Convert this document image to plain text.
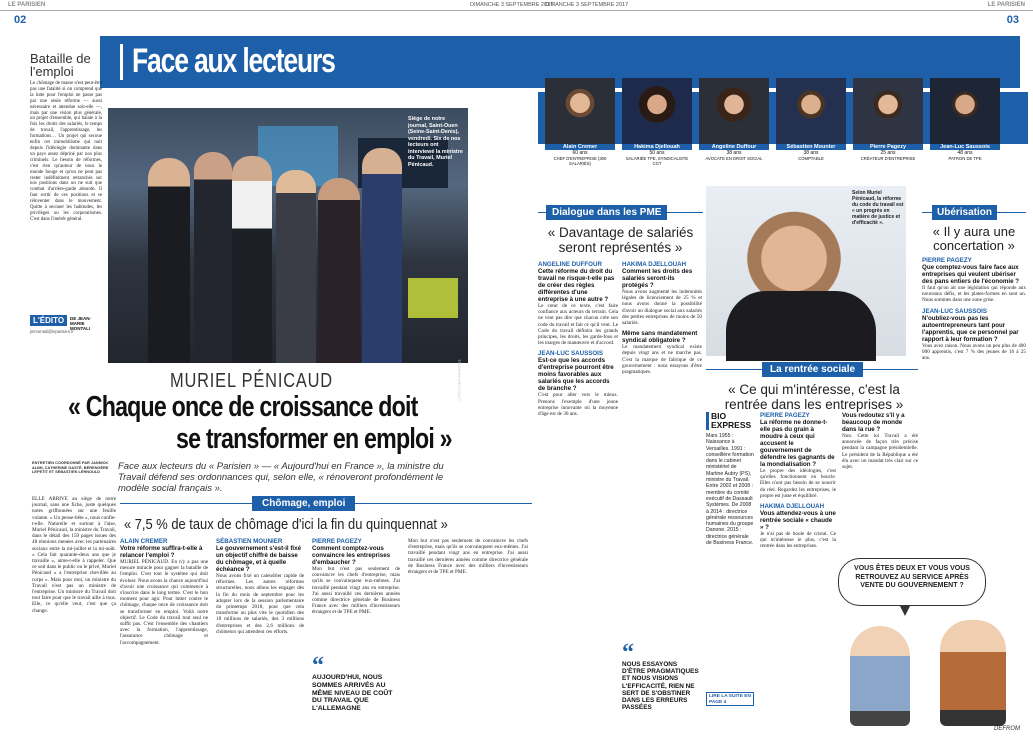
LE PARISIEN	DIMANCHE 3 SEPTEMBRE 2017
DIMANCHE 3 SEPTEMBRE 2017	LE PARISIEN
02	03
Face aux lecteurs
Bataille de l'emploi
Le chômage de masse n'est peut-être pas une fatalité si on comprend que la lutte pour l'emploi ne passe pas par une seule réforme — aussi nécessaire et attendue soit-elle —, mais par une vision plus générale, un projet d'ensemble, qui balaie à la fois les droits des salariés, le temps de travail, l'apprentissage, les formations… Un projet qui secoue enfin cet immobilisme qui nuit depuis l'idéologie dominante dans un pays assez dépriné par nos plus criminels. Le besoin de réformes, c'est rien qu'autour de nous le monde bouge et qu'on ne peut pas rester indéfiniment retranchés sur nos positions dans un ne suit que combat d'arrière-garde absurde. Il faut sortir de ces positions et se réinventer dans le mouvement. Quitte à secouer les habitudes, les privilèges ou les corporatismes. C'est dans l'intérêt général.
L'ÉDITO	DE JEAN-MARIE MONTALI
jmmontali@leparisien.fr
LP/OLIVIER ARANDEL
Siège de notre journal, Saint-Ouen (Seine-Saint-Denis), vendredi. Six de nos lecteurs ont interviewé la ministre du Travail, Muriel Pénicaud.
MURIEL PÉNICAUD
« Chaque once de croissance doit
se transformer en emploi »
ENTRETIEN COORDONNÉ PAR JANNICK ALIMI, CATHERINE GASTÉ, BÉRENGÈRE LEPETIT ET SÉBASTIEN LERNOULD	Face aux lecteurs du « Parisien » — « Aujourd'hui en France », la ministre du Travail défend ses ordonnances qui, selon elle, « rénoveront profondément le modèle social français ».
ELLE ARRIVE au siège de notre journal, sans une fiche, juste quelques notes griffonnées sur une feuille volante. « Un pense-bête », nous confie-t-elle. Naturelle et surtout à l'aise, Muriel Pénicaud, la ministre du Travail, dans le détail des 159 pages issues des 48 réunions menées avec les partenaires sociaux entre la mi-juillet et la mi-août. « Cela fait quarante-deux ans que je travaille », aime-t-elle à rappeler. Que ce soit dans le public ou le privé, Muriel Pénicaud « a l'entreprise chevillée au corps ». Mais pour moi, un ministre du Travail n'est pas un ministre de l'entreprise. Un ministre du Travail doit tout faire pour que le travail aille à tous. Elle, ce qu'elle veut, c'est que ça change.
Chômage, emploi
« 7,5 % de taux de chômage d'ici la fin du quinquennat »
ALAIN CREMER
Votre réforme suffira-t-elle à relancer l'emploi ?
MURIEL PÉNICAUD. En n'y a pas une mesure miracle pour gagner la bataille de l'emploi. C'est tout le système qui doit évoluer. Nous avons la chance aujourd'hui d'avoir une croissance qui commence à s'inscrire dans le long terme. C'est le bon moment pour agir. Pour lutter contre le chômage, chaque once de croissance doit se transformer en emploi. Voilà notre objectif. Le Code du travail tout seul ne suffit pas. C'est l'ensemble des chantiers avec la formation, l'apprentissage, l'assurance chômage et l'accompagnement.
SÉBASTIEN MOUNIER
Le gouvernement s'est-il fixé un objectif chiffré de baisse du chômage, et à quelle échéance ?
Nous avons fixé un calendrier rapide de réformes. Les autres réformes structurelles, nous allons les engager dès la fin du mois de septembre pour les adopter lors de la session parlementaire du printemps 2018, pour que cela transforme au plus vite le quotidien des 18 millions de salariés, des 3 millions d'entreprises et des 2,6 millions de chômeurs qui attendent ces efforts.
PIERRE PAGEZY
Comment comptez-vous convaincre les entreprises d'embaucher ?
Mon but n'est pas seulement de convaincre les chefs d'entreprise, mais qu'ils se convainquent eux-mêmes. J'ai travaillé pendant vingt ans en entreprise. J'ai aussi travaillé ces dernières années comme directrice générale de Business France avec des milliers d'investisseurs étrangers et de TPE et PME.
“
AUJOURD'HUI, NOUS SOMMES ARRIVÉS AU MÊME NIVEAU DE COÛT DU TRAVAIL QUE L'ALLEMAGNE
Mon but n'est pas seulement de convaincre les chefs d'entreprise, mais qu'ils se convainquent eux-mêmes. J'ai travaillé pendant vingt ans en entreprise. J'ai aussi travaillé ces dernières années comme directrice générale de Business France avec des milliers d'investisseurs étrangers et de TPE et PME.
Alain Cremer
60 ans
CHEF D'ENTREPRISE (300 SALARIÉS)
Hakima Djellouah
50 ans
SALARIÉE TPE, SYNDICALISTE CGT
Angeline Duffour
38 ans
AVOCATE EN DROIT SOCIAL
Sébastien Mounier
38 ans
COMPTABLE
Pierre Pagezy
25 ans
CRÉATEUR D'ENTREPRISE
Jean-Luc Saussois
48 ans
PATRON DE TPE
Dialogue dans les PME
« Davantage de salariés seront représentés »
ANGELINE DUFFOUR
Cette réforme du droit du travail ne risque-t-elle pas de créer des règles différentes d'une entreprise à une autre ?
Le cœur de ce texte, c'est faire confiance aux acteurs du terrain. Cela ne veut pas dire que chacun crée son code du travail et fait ce qu'il veut. Le Code du travail définira les grands principes, les droits, les garde-fous et les marges de manœuvre et d'accord.
JEAN-LUC SAUSSOIS
Est-ce que les accords d'entreprise pourront être moins favorables aux salariés que les accords de branche ?
C'est pour aller vers le mieux. Prenons l'exemple d'une jeune entreprise innovante où la moyenne d'âge est de 30 ans.
HAKIMA DJELLOUAH
Comment les droits des salariés seront-ils protégés ?
Nous avons augmenté les indemnités légales de licenciement de 25 % et nous avons donné la possibilité d'avoir un dialogue social aux salariés des petites entreprises de moins de 50 salariés.
Même sans mandatement syndical obligatoire ?
Le mandatement syndical existe depuis vingt ans et ne marche pas. C'est la marque de fabrique de ce gouvernement : nous essayons d'être pragmatiques.
“
NOUS ESSAYONS D'ÊTRE PRAGMATIQUES ET NOUS VISIONS L'EFFICACITÉ, RIEN NE SERT DE S'OBSTINER DANS LES ERREURS PASSÉES
Selon Muriel Pénicaud, la réforme du code du travail est « un progrès en matière de justice et d'efficacité ».
La rentrée sociale
« Ce qui m'intéresse, c'est la rentrée dans les entreprises »
BIO EXPRESS
Mars 1955 : Naissance à Versailles. 1991 : conseillère formation dans le cabinet ministériel de Martine Aubry (PS), ministre du Travail. Entre 2002 et 2008 : membre du comité exécutif de Dassault Systèmes. De 2008 à 2014 : directrice générale ressources humaines du groupe Danone. 2015 : directrice générale de Business France.
PIERRE PAGEZY
La réforme ne donne-t-elle pas du grain à moudre à ceux qui accusent le gouvernement de défendre les gagnants de la mondialisation ?
Le propre des idéologies, c'est qu'elles fonctionnent en boucle. Elles n'ont pas besoin de se nourrir du réel. Regardez les entreprises, le propre est juste et équilibré.
HAKIMA DJELLOUAH
Vous attendez-vous à une rentrée sociale « chaude » ?
Je n'ai pas de boule de cristal. Ce qui m'intéresse le plus, c'est la rentrée dans les entreprises.
Vous redoutez s'il y a beaucoup de monde dans la rue ?
Non. Cette loi Travail a été annoncée de façon très précise pendant la campagne présidentielle. Le président de la République a été élu avec un mandat très clair sur ce sujet.
LIRE LA SUITE EN PAGE 4
Ubérisation
« Il y aura une concertation »
PIERRE PAGEZY
Que comptez-vous faire face aux entreprises qui veulent ubériser des pans entiers de l'économie ?
Il faut qu'on ait une législation qui réponde aux nouveaux défis, et les plates-formes en sont un. Nous sommes dans une zone grise.
JEAN-LUC SAUSSOIS
N'oubliez-vous pas les autoentrepreneurs tant pour l'apprentis, que ce personnel par rapport à leur formation ?
Vous avez raison. Nous avons un peu plus de 400 000 apprentis, c'est 7 % des jeunes de 16 à 25 ans.
VOUS ÊTES DEUX ET VOUS VOUS RETROUVEZ AU SERVICE APRÈS VENTE DU GOUVERNEMENT ?
DEFROM
